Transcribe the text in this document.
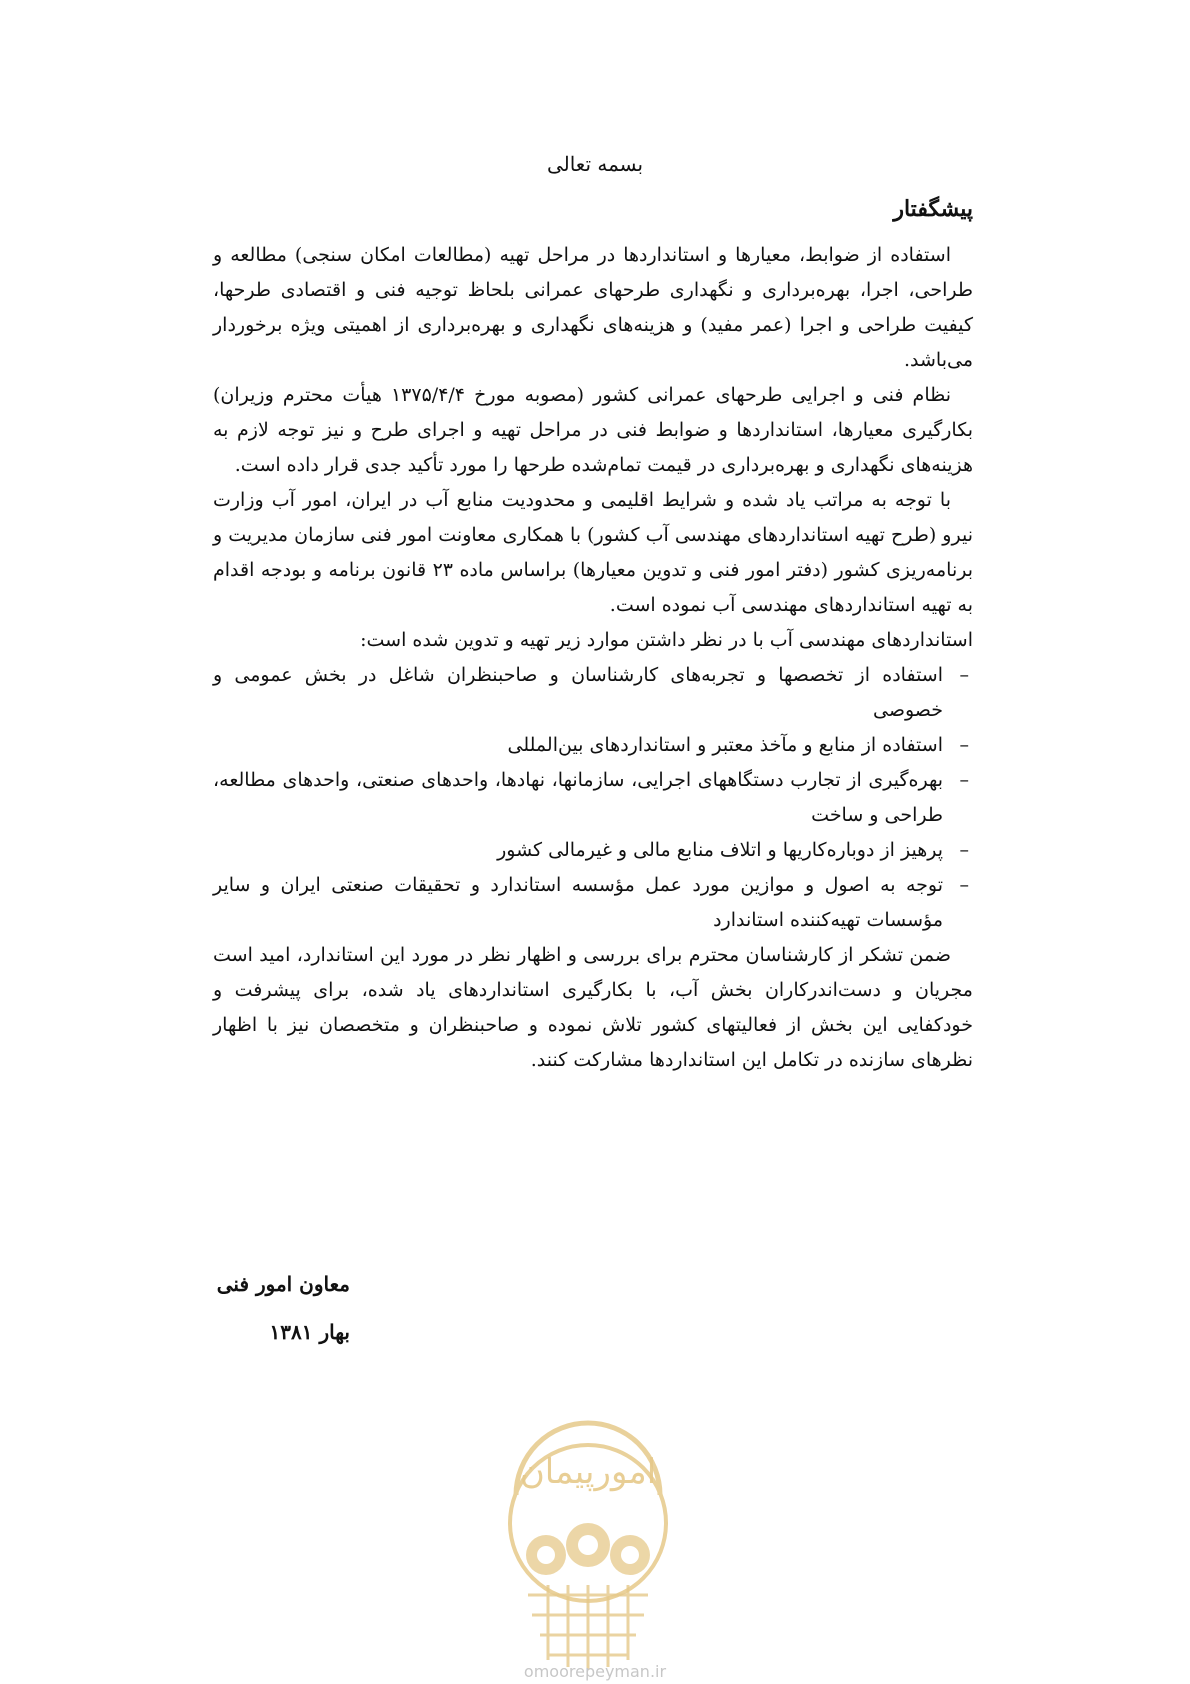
بسمه تعالی
پیشگفتار

استفاده از ضوابط، معیارها و استانداردها در مراحل تهیه (مطالعات امکان سنجی) مطالعه و طراحی، اجرا، بهره‌برداری و نگهداری طرحهای عمرانی بلحاظ توجیه فنی و اقتصادی طرحها، کیفیت طراحی و اجرا (عمر مفید) و هزینه‌های نگهداری و بهره‌برداری از اهمیتی ویژه برخوردار می‌باشد.

نظام فنی و اجرایی طرحهای عمرانی کشور (مصوبه مورخ ۱۳۷۵/۴/۴ هیأت محترم وزیران) بکارگیری معیارها، استانداردها و ضوابط فنی در مراحل تهیه و اجرای طرح و نیز توجه لازم به هزینه‌های نگهداری و بهره‌برداری در قیمت تمام‌شده طرحها را مورد تأکید جدی قرار داده است.

با توجه به مراتب یاد شده و شرایط اقلیمی و محدودیت منابع آب در ایران، امور آب وزارت نیرو (طرح تهیه استانداردهای مهندسی آب کشور) با همکاری معاونت امور فنی سازمان مدیریت و برنامه‌ریزی کشور (دفتر امور فنی و تدوین معیارها) براساس ماده ۲۳ قانون برنامه و بودجه اقدام به تهیه استانداردهای مهندسی آب نموده است.

استانداردهای مهندسی آب با در نظر داشتن موارد زیر تهیه و تدوین شده است:

–
استفاده از تخصصها و تجربه‌های کارشناسان و صاحبنظران شاغل در بخش عمومی و خصوصی
–
استفاده از منابع و مآخذ معتبر و استانداردهای بین‌المللی
–
بهره‌گیری از تجارب دستگاههای اجرایی، سازمانها، نهادها، واحدهای صنعتی، واحدهای مطالعه، طراحی و ساخت
–
پرهیز از دوباره‌کاریها و اتلاف منابع مالی و غیرمالی کشور
–
توجه به اصول و موازین مورد عمل مؤسسه استاندارد و تحقیقات صنعتی ایران و سایر مؤسسات تهیه‌کننده استاندارد

ضمن تشکر از کارشناسان محترم برای بررسی و اظهار نظر در مورد این استاندارد، امید است مجریان و دست‌اندرکاران بخش آب، با بکارگیری استانداردهای یاد شده، برای پیشرفت و خودکفایی این بخش از فعالیتهای کشور تلاش نموده و صاحبنظران و متخصصان نیز با اظهار نظرهای سازنده در تکامل این استانداردها مشارکت کنند.

معاون امور فنی
بهار ۱۳۸۱
امورپیمان
omoorepeyman.ir
